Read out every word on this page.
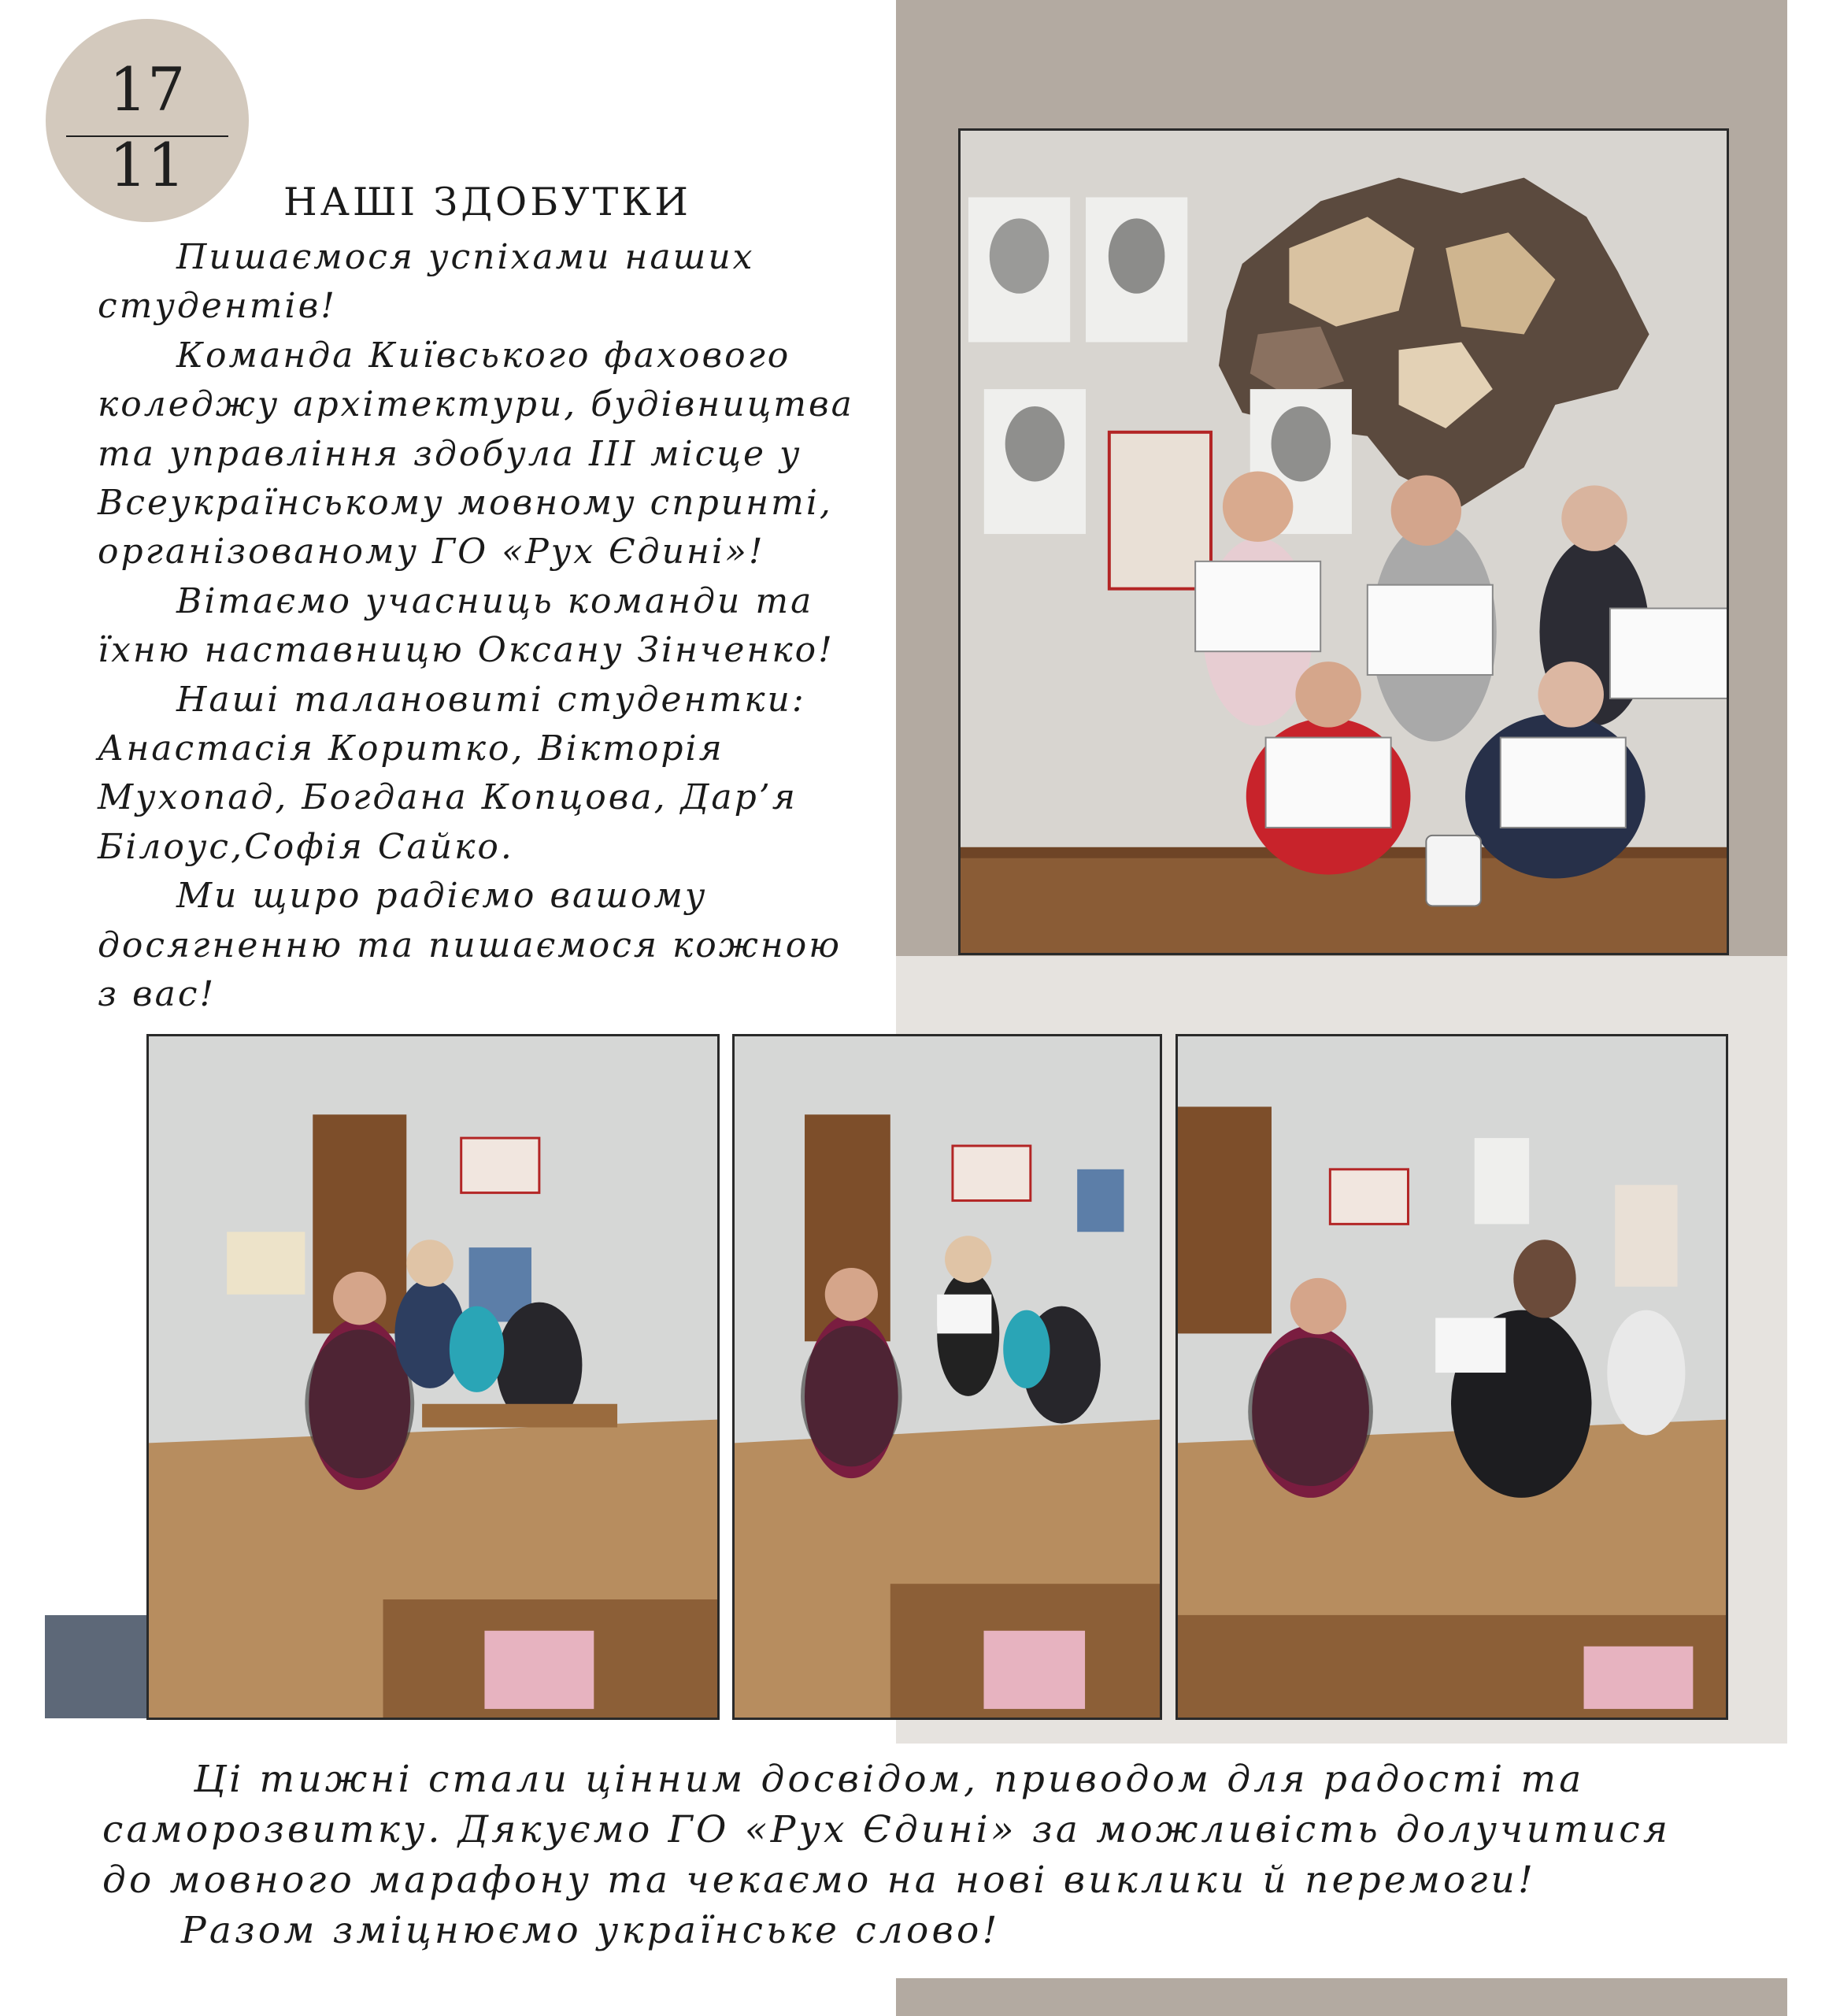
17
11
НАШІ ЗДОБУТКИ

Пишаємося успіхами наших студентів!

Команда Київського фахового коледжу архітектури, будівництва та управління здобула ІІІ місце у Всеукраїнському мовному спринті, організованому ГО «Рух Єдині»!

Вітаємо учасниць команди та їхню наставницю Оксану Зінченко!

Наші талановиті студентки: Анастасія Коритко, Вікторія Мухопад, Богдана Копцова, Дар’я Білоус,Софія Сайко.

Ми щиро радіємо вашому досягненню та пишаємося кожною з вас!

Ці тижні стали цінним досвідом, приводом для радості та саморозвитку. Дякуємо ГО «Рух Єдині» за можливість долучитися до мовного марафону та чекаємо на нові виклики й перемоги!

Разом зміцнюємо українське слово!
